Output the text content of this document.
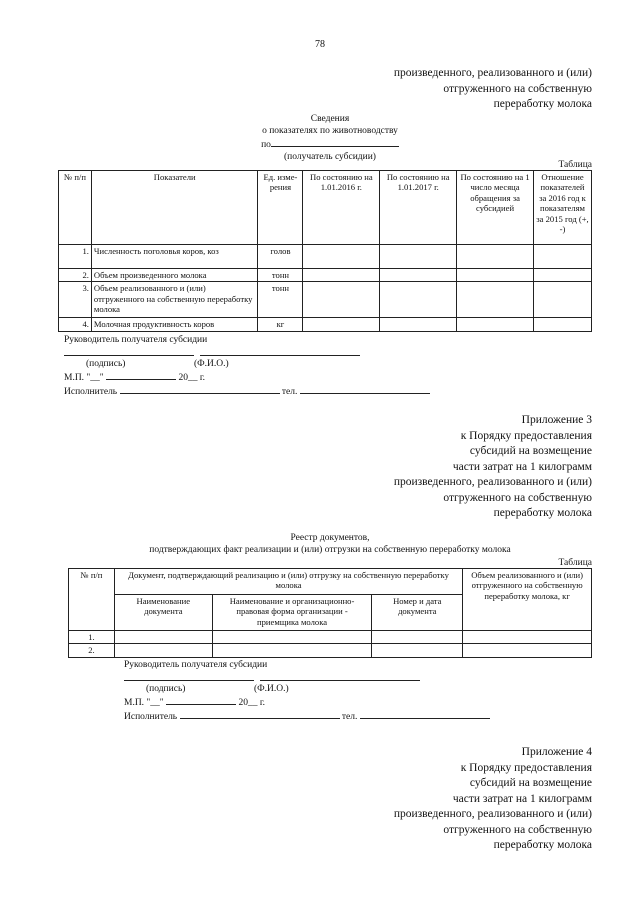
78
произведенного, реализованного и (или)
отгруженного на собственную
переработку молока
Сведения
о показателях по животноводству
по
(получатель субсидии)
Таблица
№ п/п	Показатели	Ед. изме-рения	По состоянию на 1.01.2016 г.	По состоянию на 1.01.2017 г.	По состоянию на 1 число месяца обращения за субсидией	Отношение показателей за 2016 год к показателям за 2015 год (+, -)
1.	Численность поголовья коров, коз	голов				
2.	Объем произведенного молока	тонн				
3.	Объем реализованного и (или) отгруженного на собственную переработку молока	тонн				
4.	Молочная продуктивность коров	кг				
Руководитель получателя субсидии

(подпись)	(Ф.И.О.)
М.П. "__"	20__ г.
Исполнитель	тел.
Приложение 3
к Порядку предоставления
субсидий на возмещение
части затрат на 1 килограмм
произведенного, реализованного и (или)
отгруженного на собственную
переработку молока
Реестр документов,
подтверждающих факт реализации и (или) отгрузки на собственную переработку молока
Таблица
№ п/п	Документ, подтверждающий реализацию и (или) отгрузку на собственную переработку молока			Объем реализованного и (или) отгруженного на собственную переработку молока, кг
	Наименование документа	Наименование и организационно-правовая форма организации - приемщика молока	Номер и дата документа	
1.				
2.				
Руководитель получателя субсидии

(подпись)	(Ф.И.О.)
М.П. "__"	20__ г.
Исполнитель	тел.
Приложение 4
к Порядку предоставления
субсидий на возмещение
части затрат на 1 килограмм
произведенного, реализованного и (или)
отгруженного на собственную
переработку молока
